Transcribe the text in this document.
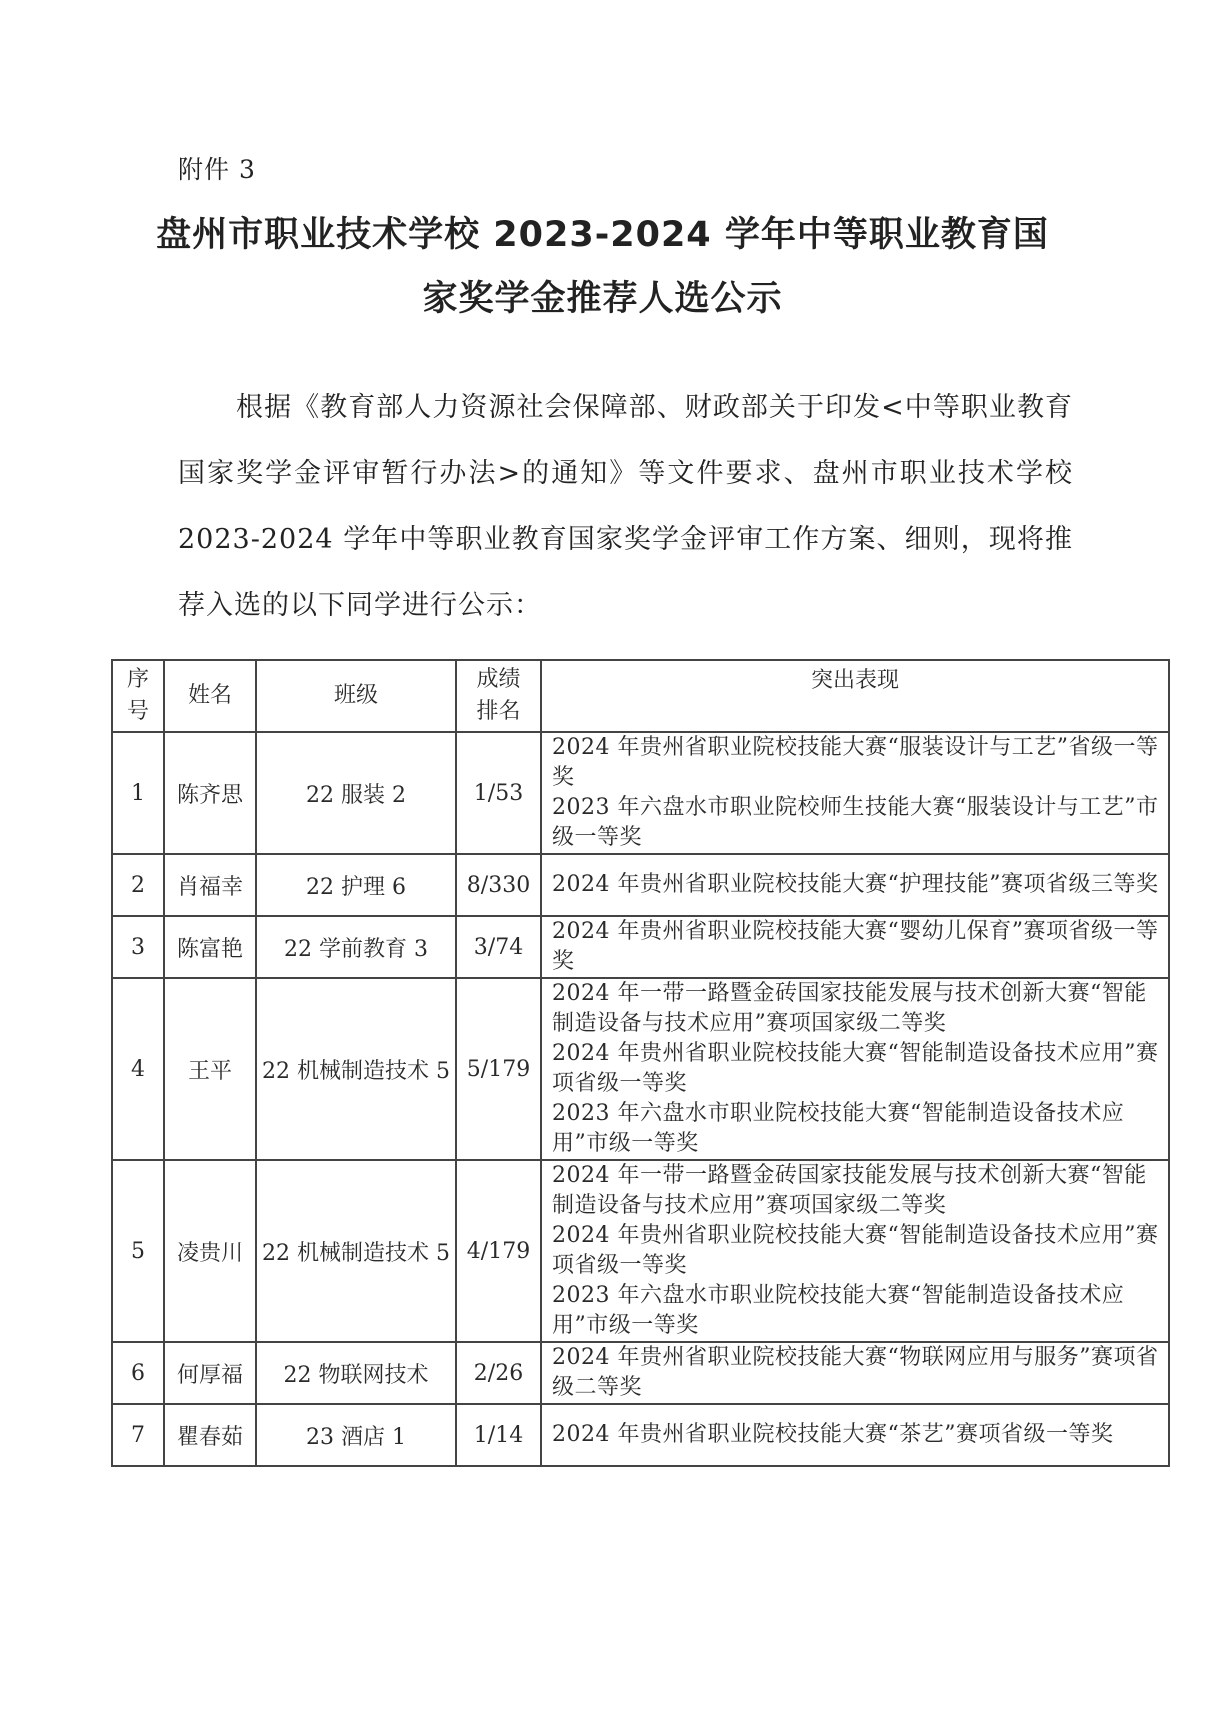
附件 3
盘州市职业技术学校 2023-2024 学年中等职业教育国
家奖学金推荐人选公示
根据《教育部人力资源社会保障部、财政部关于印发<中等职业教育国家奖学金评审暂行办法>的通知》等文件要求、盘州市职业技术学校 2023-2024 学年中等职业教育国家奖学金评审工作方案、细则，现将推荐入选的以下同学进行公示：
序号	姓名	班级	成绩排名	突出表现
1	陈齐思	22 服装 2	1/53	2024 年贵州省职业院校技能大赛“服装设计与工艺”省级一等奖
2023 年六盘水市职业院校师生技能大赛“服装设计与工艺”市级一等奖

2	肖福幸	22 护理 6	8/330	2024 年贵州省职业院校技能大赛“护理技能”赛项省级三等奖

3	陈富艳	22 学前教育 3	3/74	2024 年贵州省职业院校技能大赛“婴幼儿保育”赛项省级一等奖

4	王平	22 机械制造技术 5	5/179	2024 年一带一路暨金砖国家技能发展与技术创新大赛“智能制造设备与技术应用”赛项国家级二等奖
2024 年贵州省职业院校技能大赛“智能制造设备技术应用”赛项省级一等奖
2023 年六盘水市职业院校技能大赛“智能制造设备技术应用”市级一等奖

5	凌贵川	22 机械制造技术 5	4/179	2024 年一带一路暨金砖国家技能发展与技术创新大赛“智能制造设备与技术应用”赛项国家级二等奖
2024 年贵州省职业院校技能大赛“智能制造设备技术应用”赛项省级一等奖
2023 年六盘水市职业院校技能大赛“智能制造设备技术应用”市级一等奖

6	何厚福	22 物联网技术	2/26	2024 年贵州省职业院校技能大赛“物联网应用与服务”赛项省级二等奖

7	瞿春茹	23 酒店 1	1/14	2024 年贵州省职业院校技能大赛“茶艺”赛项省级一等奖
